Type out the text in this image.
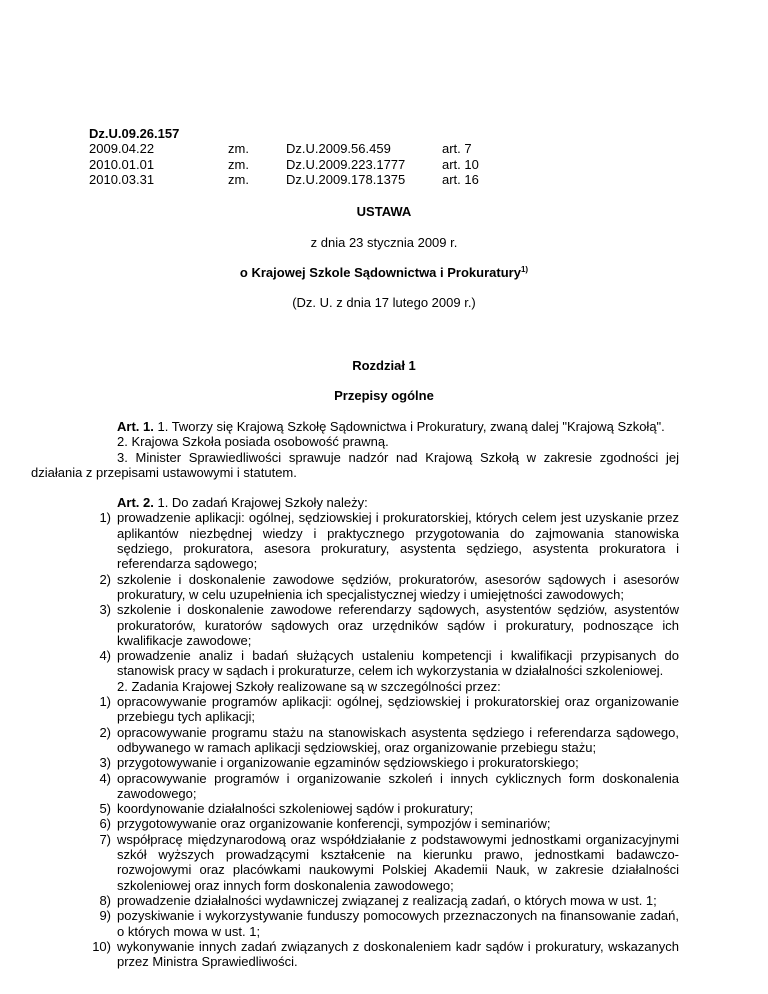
Dz.U.09.26.157
2009.04.22	zm.	Dz.U.2009.56.459	art. 7
2010.01.01	zm.	Dz.U.2009.223.1777	art. 10
2010.03.31	zm.	Dz.U.2009.178.1375	art. 16
USTAWA
z dnia 23 stycznia 2009 r.
o Krajowej Szkole Sądownictwa i Prokuratury$^{1)}$
(Dz. U. z dnia 17 lutego 2009 r.)
Rozdział 1
Przepisy ogólne
Art. 1. 1. Tworzy się Krajową Szkołę Sądownictwa i Prokuratury, zwaną dalej "Krajową Szkołą".
2. Krajowa Szkoła posiada osobowość prawną.
3. Minister Sprawiedliwości sprawuje nadzór nad Krajową Szkołą w zakresie zgodności jej działania z przepisami ustawowymi i statutem.
Art. 2. 1. Do zadań Krajowej Szkoły należy:
1) prowadzenie aplikacji: ogólnej, sędziowskiej i prokuratorskiej, których celem jest uzyskanie przez aplikantów niezbędnej wiedzy i praktycznego przygotowania do zajmowania stanowiska sędziego, prokuratora, asesora prokuratury, asystenta sędziego, asystenta prokuratora i referendarza sądowego;
2) szkolenie i doskonalenie zawodowe sędziów, prokuratorów, asesorów sądowych i asesorów prokuratury, w celu uzupełnienia ich specjalistycznej wiedzy i umiejętności zawodowych;
3) szkolenie i doskonalenie zawodowe referendarzy sądowych, asystentów sędziów, asystentów prokuratorów, kuratorów sądowych oraz urzędników sądów i prokuratury, podnoszące ich kwalifikacje zawodowe;
4) prowadzenie analiz i badań służących ustaleniu kompetencji i kwalifikacji przypisanych do stanowisk pracy w sądach i prokuraturze, celem ich wykorzystania w działalności szkoleniowej.
2. Zadania Krajowej Szkoły realizowane są w szczególności przez:
1) opracowywanie programów aplikacji: ogólnej, sędziowskiej i prokuratorskiej oraz organizowanie przebiegu tych aplikacji;
2) opracowywanie programu stażu na stanowiskach asystenta sędziego i referendarza sądowego, odbywanego w ramach aplikacji sędziowskiej, oraz organizowanie przebiegu stażu;
3) przygotowywanie i organizowanie egzaminów sędziowskiego i prokuratorskiego;
4) opracowywanie programów i organizowanie szkoleń i innych cyklicznych form doskonalenia zawodowego;
5) koordynowanie działalności szkoleniowej sądów i prokuratury;
6) przygotowywanie oraz organizowanie konferencji, sympozjów i seminariów;
7) współpracę międzynarodową oraz współdziałanie z podstawowymi jednostkami organizacyjnymi szkół wyższych prowadzącymi kształcenie na kierunku prawo, jednostkami badawczo-rozwojowymi oraz placówkami naukowymi Polskiej Akademii Nauk, w zakresie działalności szkoleniowej oraz innych form doskonalenia zawodowego;
8) prowadzenie działalności wydawniczej związanej z realizacją zadań, o których mowa w ust. 1;
9) pozyskiwanie i wykorzystywanie funduszy pomocowych przeznaczonych na finansowanie zadań, o których mowa w ust. 1;
10) wykonywanie innych zadań związanych z doskonaleniem kadr sądów i prokuratury, wskazanych przez Ministra Sprawiedliwości.
